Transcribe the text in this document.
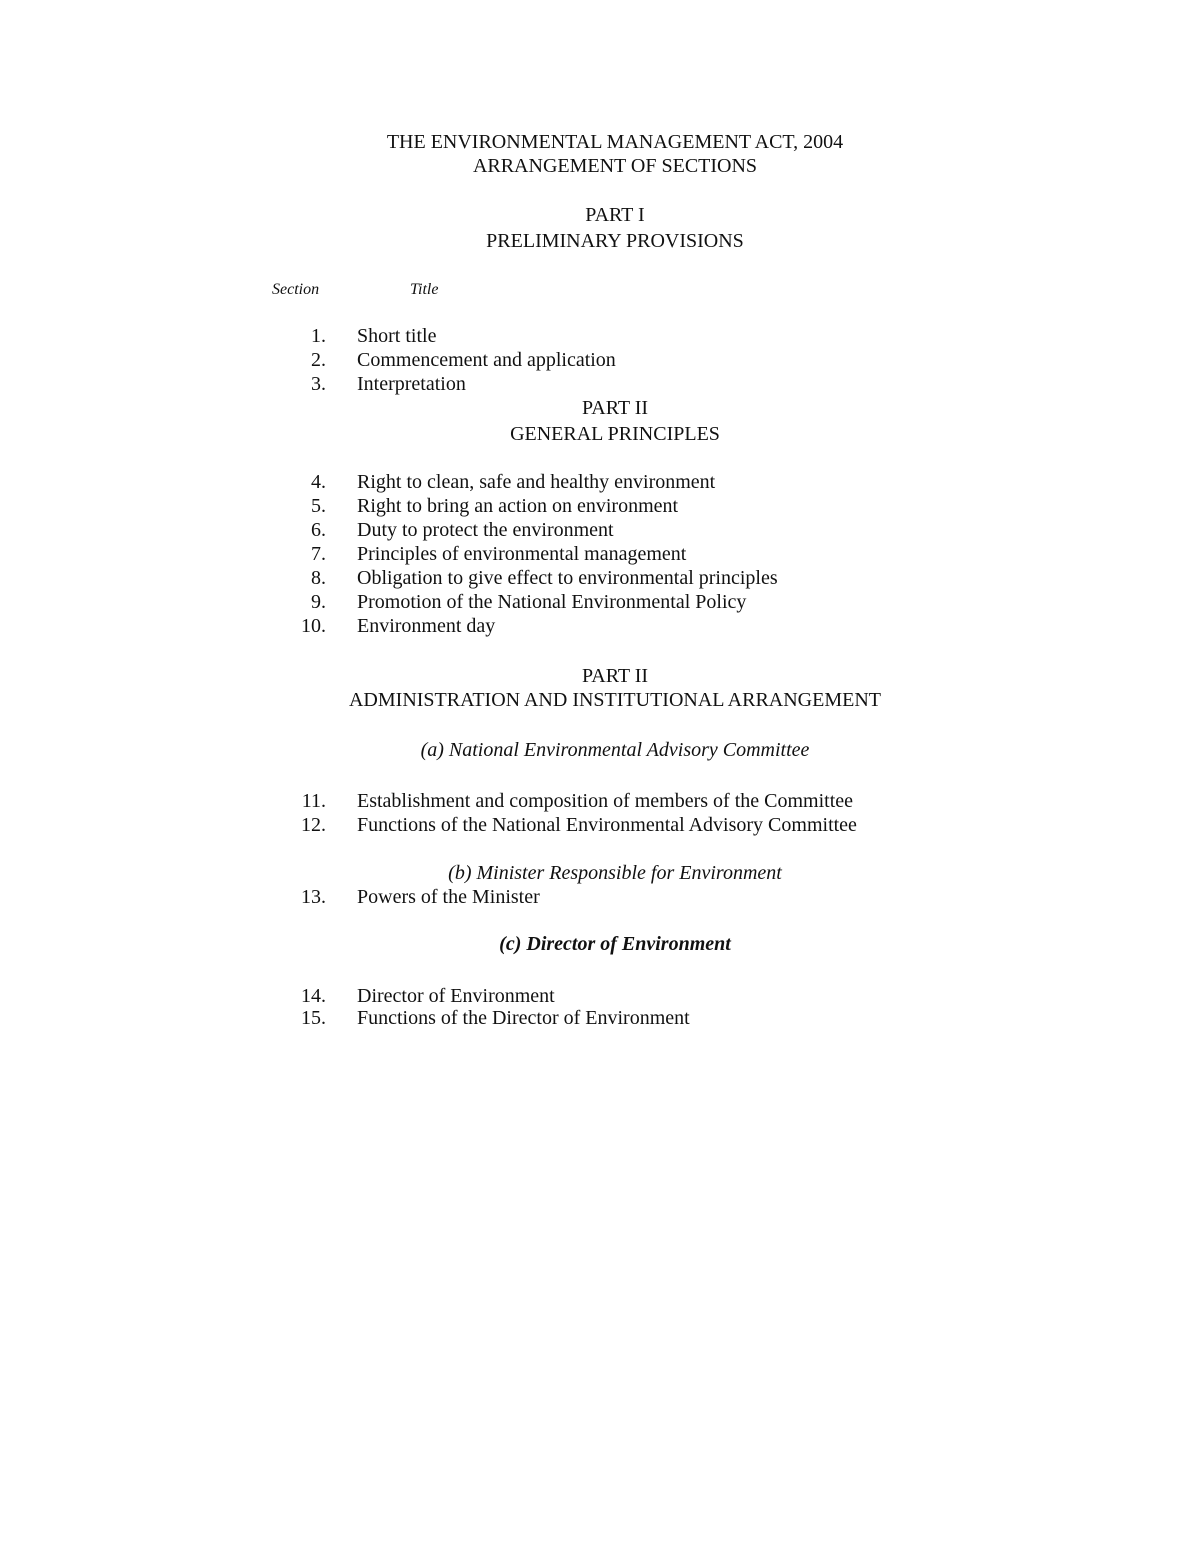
THE ENVIRONMENTAL MANAGEMENT ACT, 2004
ARRANGEMENT OF SECTIONS
PART I
PRELIMINARY PROVISIONS
Section	Title
1. Short title
2. Commencement and application
3. Interpretation
PART II
GENERAL PRINCIPLES
4. Right to clean, safe and healthy environment
5. Right to bring an action on environment
6. Duty to protect the environment
7. Principles of environmental management
8. Obligation to give effect to environmental principles
9. Promotion of the National Environmental Policy
10. Environment day
PART II
ADMINISTRATION AND INSTITUTIONAL ARRANGEMENT
(a) National Environmental Advisory Committee
11. Establishment and composition of members of the Committee
12. Functions of the National Environmental Advisory Committee
(b) Minister Responsible for Environment
13. Powers of the Minister
(c) Director of Environment
14. Director of Environment
15. Functions of the Director of Environment
